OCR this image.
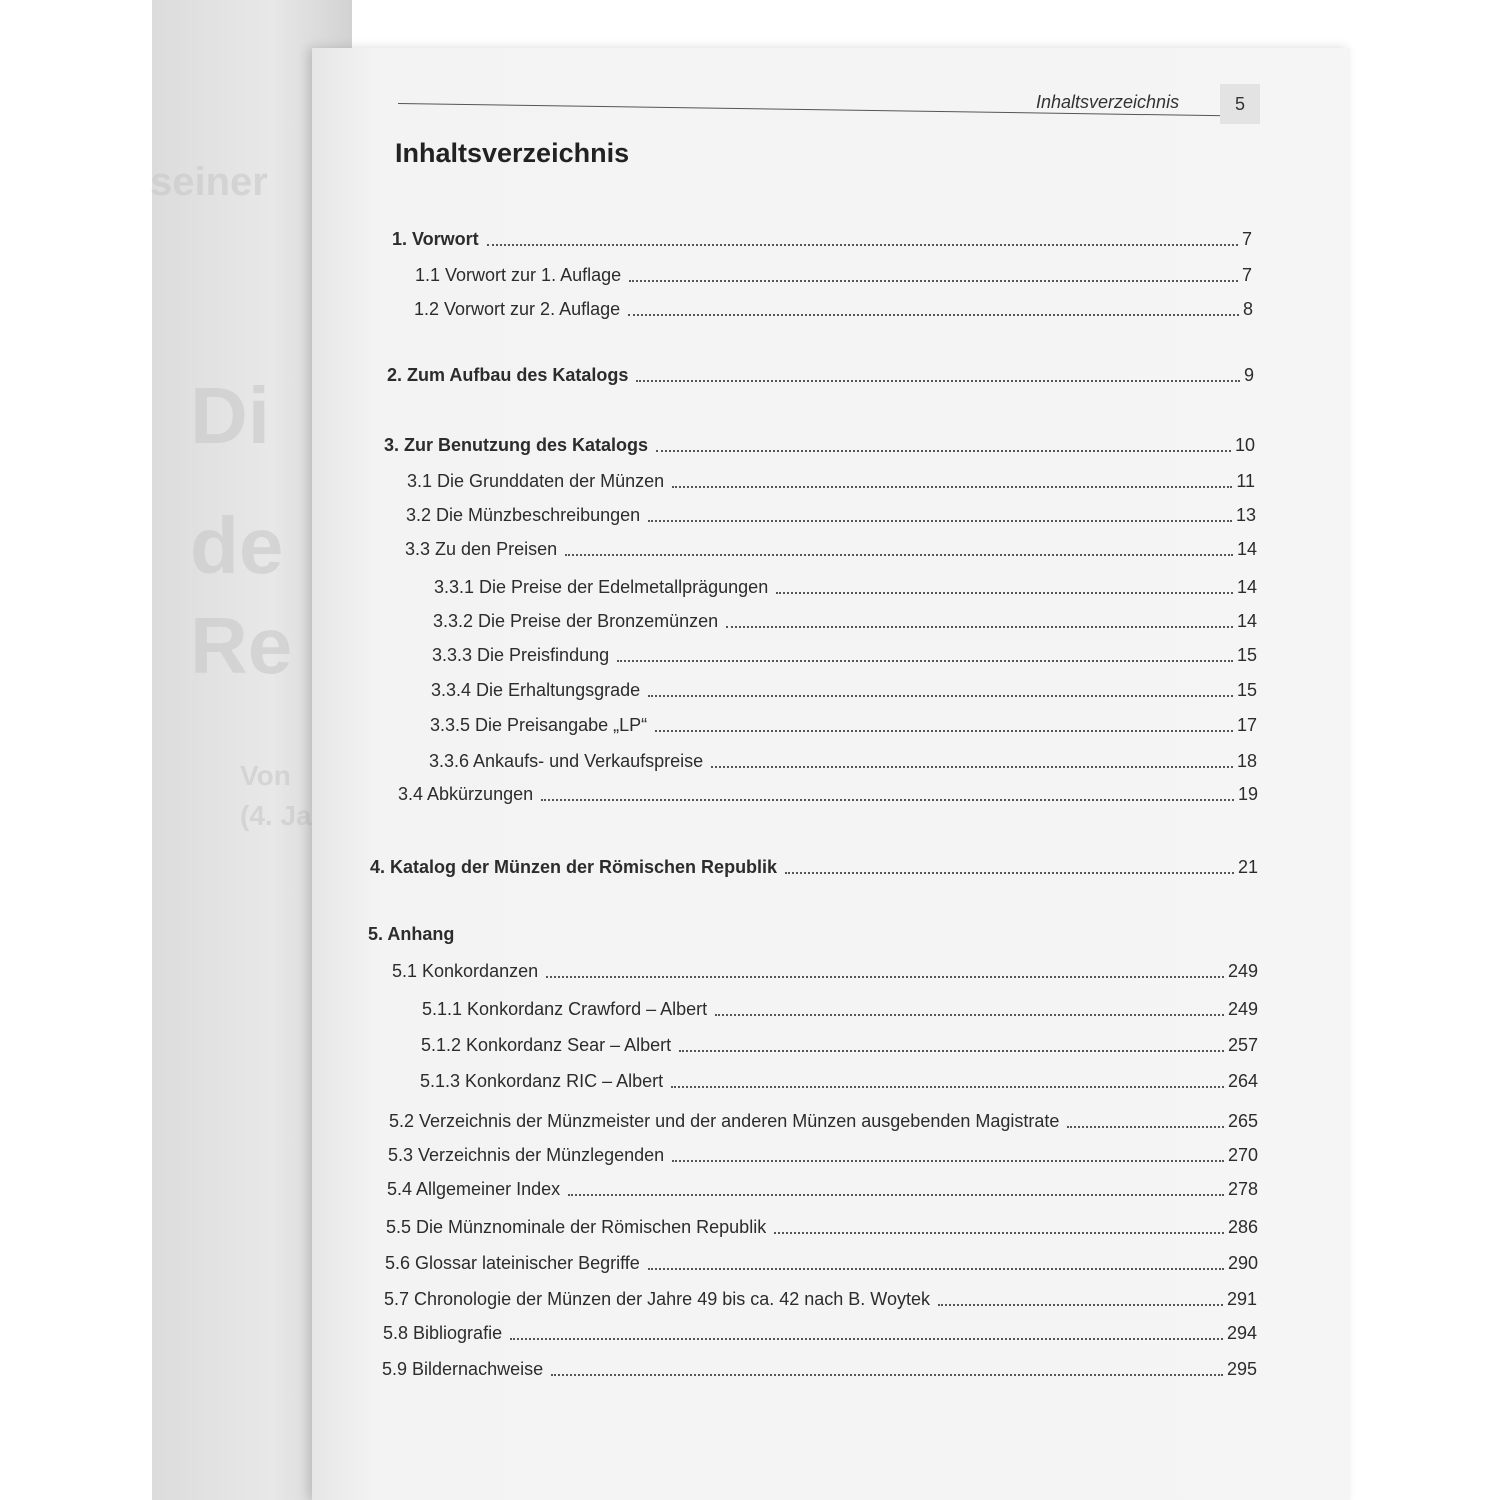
seiner
Di
de
Re
Von
(4. Ja
Inhaltsverzeichnis	5
Inhaltsverzeichnis
1. Vorwort	7
1.1 Vorwort zur 1. Auflage	7
1.2 Vorwort zur 2. Auflage	8
2. Zum Aufbau des Katalogs	9
3. Zur Benutzung des Katalogs	10
3.1 Die Grunddaten der Münzen	11
3.2 Die Münzbeschreibungen	13
3.3 Zu den Preisen	14
3.3.1 Die Preise der Edelmetallprägungen	14
3.3.2 Die Preise der Bronzemünzen	14
3.3.3 Die Preisfindung	15
3.3.4 Die Erhaltungsgrade	15
3.3.5 Die Preisangabe „LP“	17
3.3.6 Ankaufs- und Verkaufspreise	18
3.4 Abkürzungen	19
4. Katalog der Münzen der Römischen Republik	21
5. Anhang
5.1 Konkordanzen	249
5.1.1 Konkordanz Crawford – Albert	249
5.1.2 Konkordanz Sear – Albert	257
5.1.3 Konkordanz RIC – Albert	264
5.2 Verzeichnis der Münzmeister und der anderen Münzen ausgebenden Magistrate	265
5.3 Verzeichnis der Münzlegenden	270
5.4 Allgemeiner Index	278
5.5 Die Münznominale der Römischen Republik	286
5.6 Glossar lateinischer Begriffe	290
5.7 Chronologie der Münzen der Jahre 49 bis ca. 42 nach B. Woytek	291
5.8 Bibliografie	294
5.9 Bildernachweise	295
